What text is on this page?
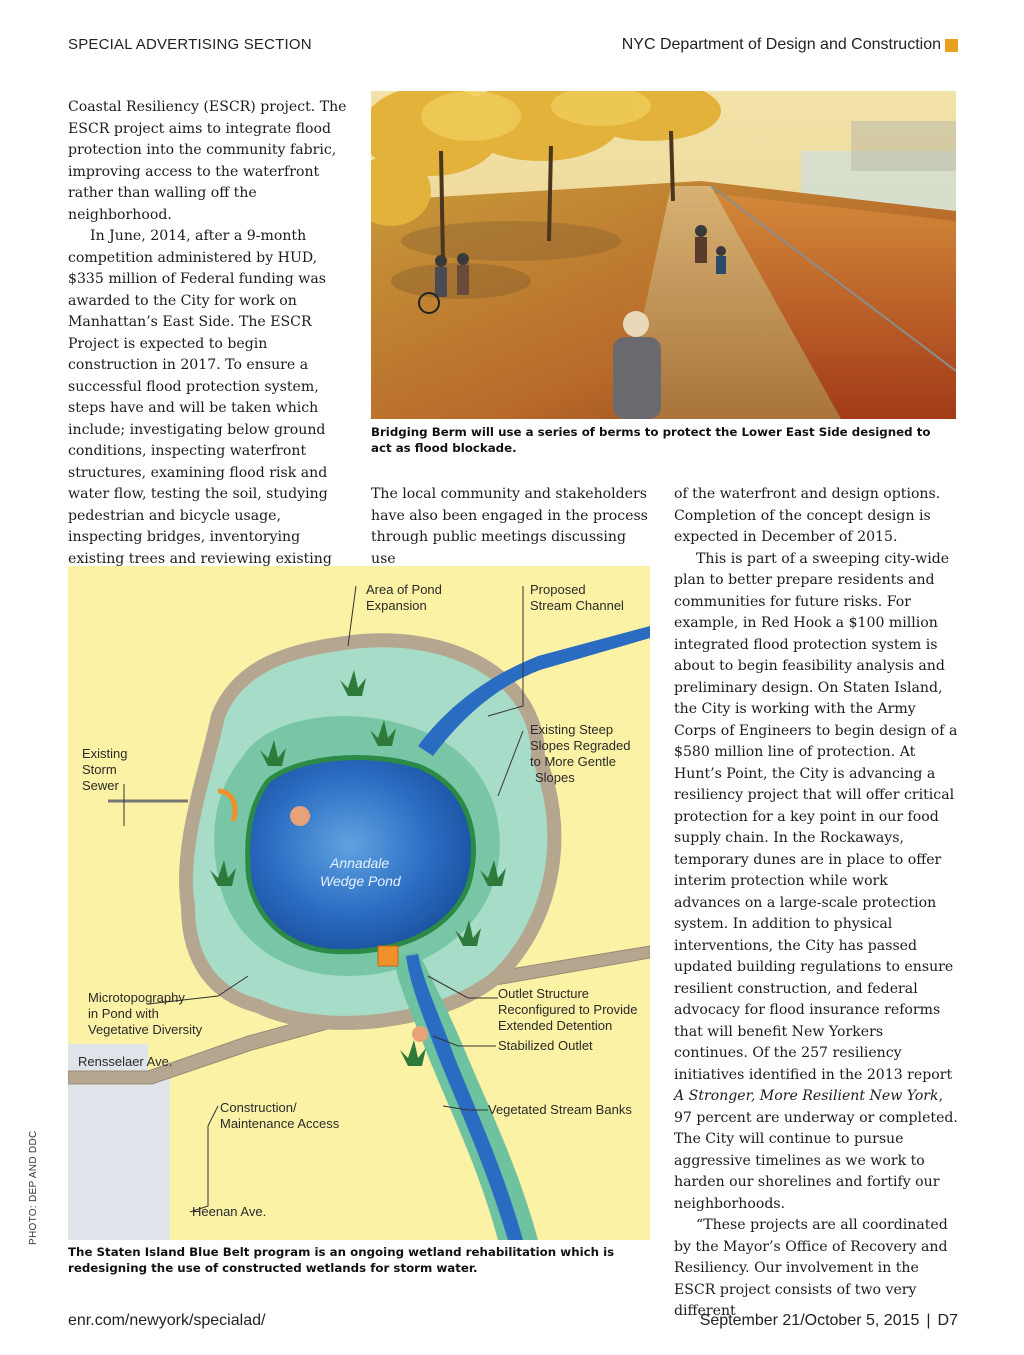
SPECIAL ADVERTISING SECTION	NYC Department of Design and Construction

Coastal Resiliency (ESCR) project. The ESCR project aims to integrate flood protection into the community fabric, improving access to the waterfront rather than walling off the neighborhood.

In June, 2014, after a 9-month competition administered by HUD, $335 million of Federal funding was awarded to the City for work on Manhattan’s East Side. The ESCR Project is expected to begin construction in 2017. To ensure a successful flood protection system, steps have and will be taken which include; investigating below ground conditions, inspecting waterfront structures, examining flood risk and water flow, testing the soil, studying pedestrian and bicycle usage, inspecting bridges, inventorying existing trees and reviewing existing

Bridging Berm will use a series of berms to protect the Lower East Side designed to act as flood blockade.

The local community and stakeholders have also been engaged in the process through public meetings discussing use

of the waterfront and design options. Completion of the concept design is expected in December of 2015.

This is part of a sweeping city-wide plan to better prepare residents and communities for future risks. For example, in Red Hook a $100 million integrated flood protection system is about to begin feasibility analysis and preliminary design. On Staten Island, the City is working with the Army Corps of Engineers to begin design of a $580 million line of protection. At Hunt’s Point, the City is advancing a resiliency project that will offer critical protection for a key point in our food supply chain. In the Rockaways, temporary dunes are in place to offer interim protection while work advances on a large-scale protection system. In addition to physical interventions, the City has passed updated building regulations to ensure resilient construction, and federal advocacy for flood insurance reforms that will benefit New Yorkers continues. Of the 257 resiliency initiatives identified in the 2013 report A Stronger, More Resilient New York, 97 percent are underway or completed. The City will continue to pursue aggressive timelines as we work to harden our shorelines and fortify our neighborhoods.

“These projects are all coordinated by the Mayor’s Office of Recovery and Resiliency. Our involvement in the ESCR project consists of two very different

Area of Pond
Expansion
Proposed
Stream Channel
Existing
Storm
Sewer
Existing Steep
Slopes Regraded
to More Gentle
Slopes
Microtopography
in Pond with
Vegetative Diversity
Outlet Structure
Reconfigured to Provide
Extended Detention
Stabilized Outlet
Rensselaer Ave.
Construction/
Maintenance Access
Vegetated Stream Banks
Heenan Ave.
Annadale
Wedge Pond
The Staten Island Blue Belt program is an ongoing wetland rehabilitation which is redesigning the use of constructed wetlands for storm water.
PHOTO: DEP AND DDC
enr.com/newyork/specialad/	September 21/October 5, 2015 | D7
